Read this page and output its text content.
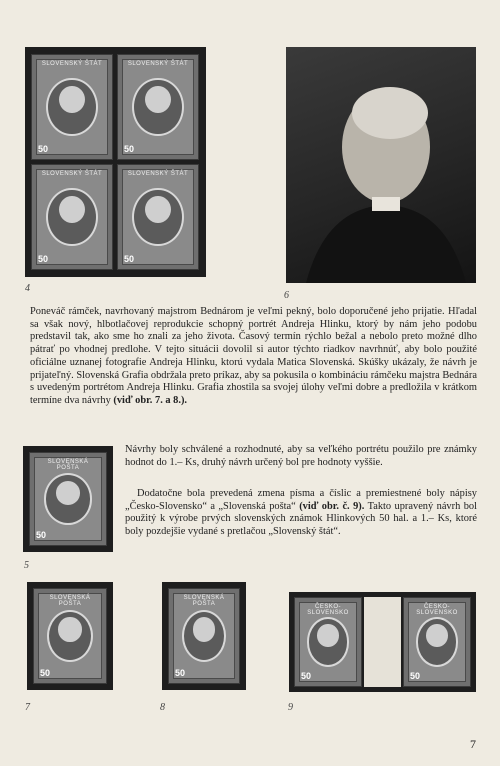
SLOVENSKÝ ŠTÁT
50
SLOVENSKÝ ŠTÁT
50
SLOVENSKÝ ŠTÁT
50
SLOVENSKÝ ŠTÁT
50
4
6
Poneváč rámček, navrhovaný majstrom Bednárom je veľmi pekný, bolo doporučené jeho prijatie. Hľadal sa však nový, hlbotlačovej reprodukcie schopný portrét Andreja Hlinku, ktorý by nám jeho podobu predstavil tak, ako sme ho znali za jeho života. Časový termín rýchlo bežal a nebolo preto možné dlho pátrať po vhodnej predlohe. V tejto situácii dovolil si autor týchto riadkov navrhnúť, aby bolo použité oficiálne uznanej fotografie Andreja Hlinku, ktorú vydala Matica Slovenská. Skúšky ukázaly, že návrh je prijateľný. Slovenská Grafia obdržala preto príkaz, aby sa pokusila o kombináciu rámčeku majstra Bednára s uvedeným portrétom Andreja Hlinku. Grafia zhostila sa svojej úlohy veľmi dobre a predložila v krátkom termíne dva návrhy (viď obr. 7. a 8.).
SLOVENSKÁ POŠTA
50
5
Návrhy boly schválené a rozhodnuté, aby sa veľkého portrétu použilo pre známky hodnot do 1.– Ks, druhý návrh určený bol pre hodnoty vyššie.
Dodatočne bola prevedená zmena písma a číslic a premiestnené boly nápisy „Česko-Slovensko“ a „Slovenská pošta“ (viď obr. č. 9). Takto upravený návrh bol použitý k výrobe prvých slovenských známok Hlinkových 50 hal. a 1.– Ks, ktoré boly pozdejšie vydané s pretlačou „Slovenský štát“.
SLOVENSKÁ POŠTA
50
7
SLOVENSKÁ POŠTA
50
8
ČESKO-SLOVENSKO
50
ČESKO-SLOVENSKO
50
9
7
